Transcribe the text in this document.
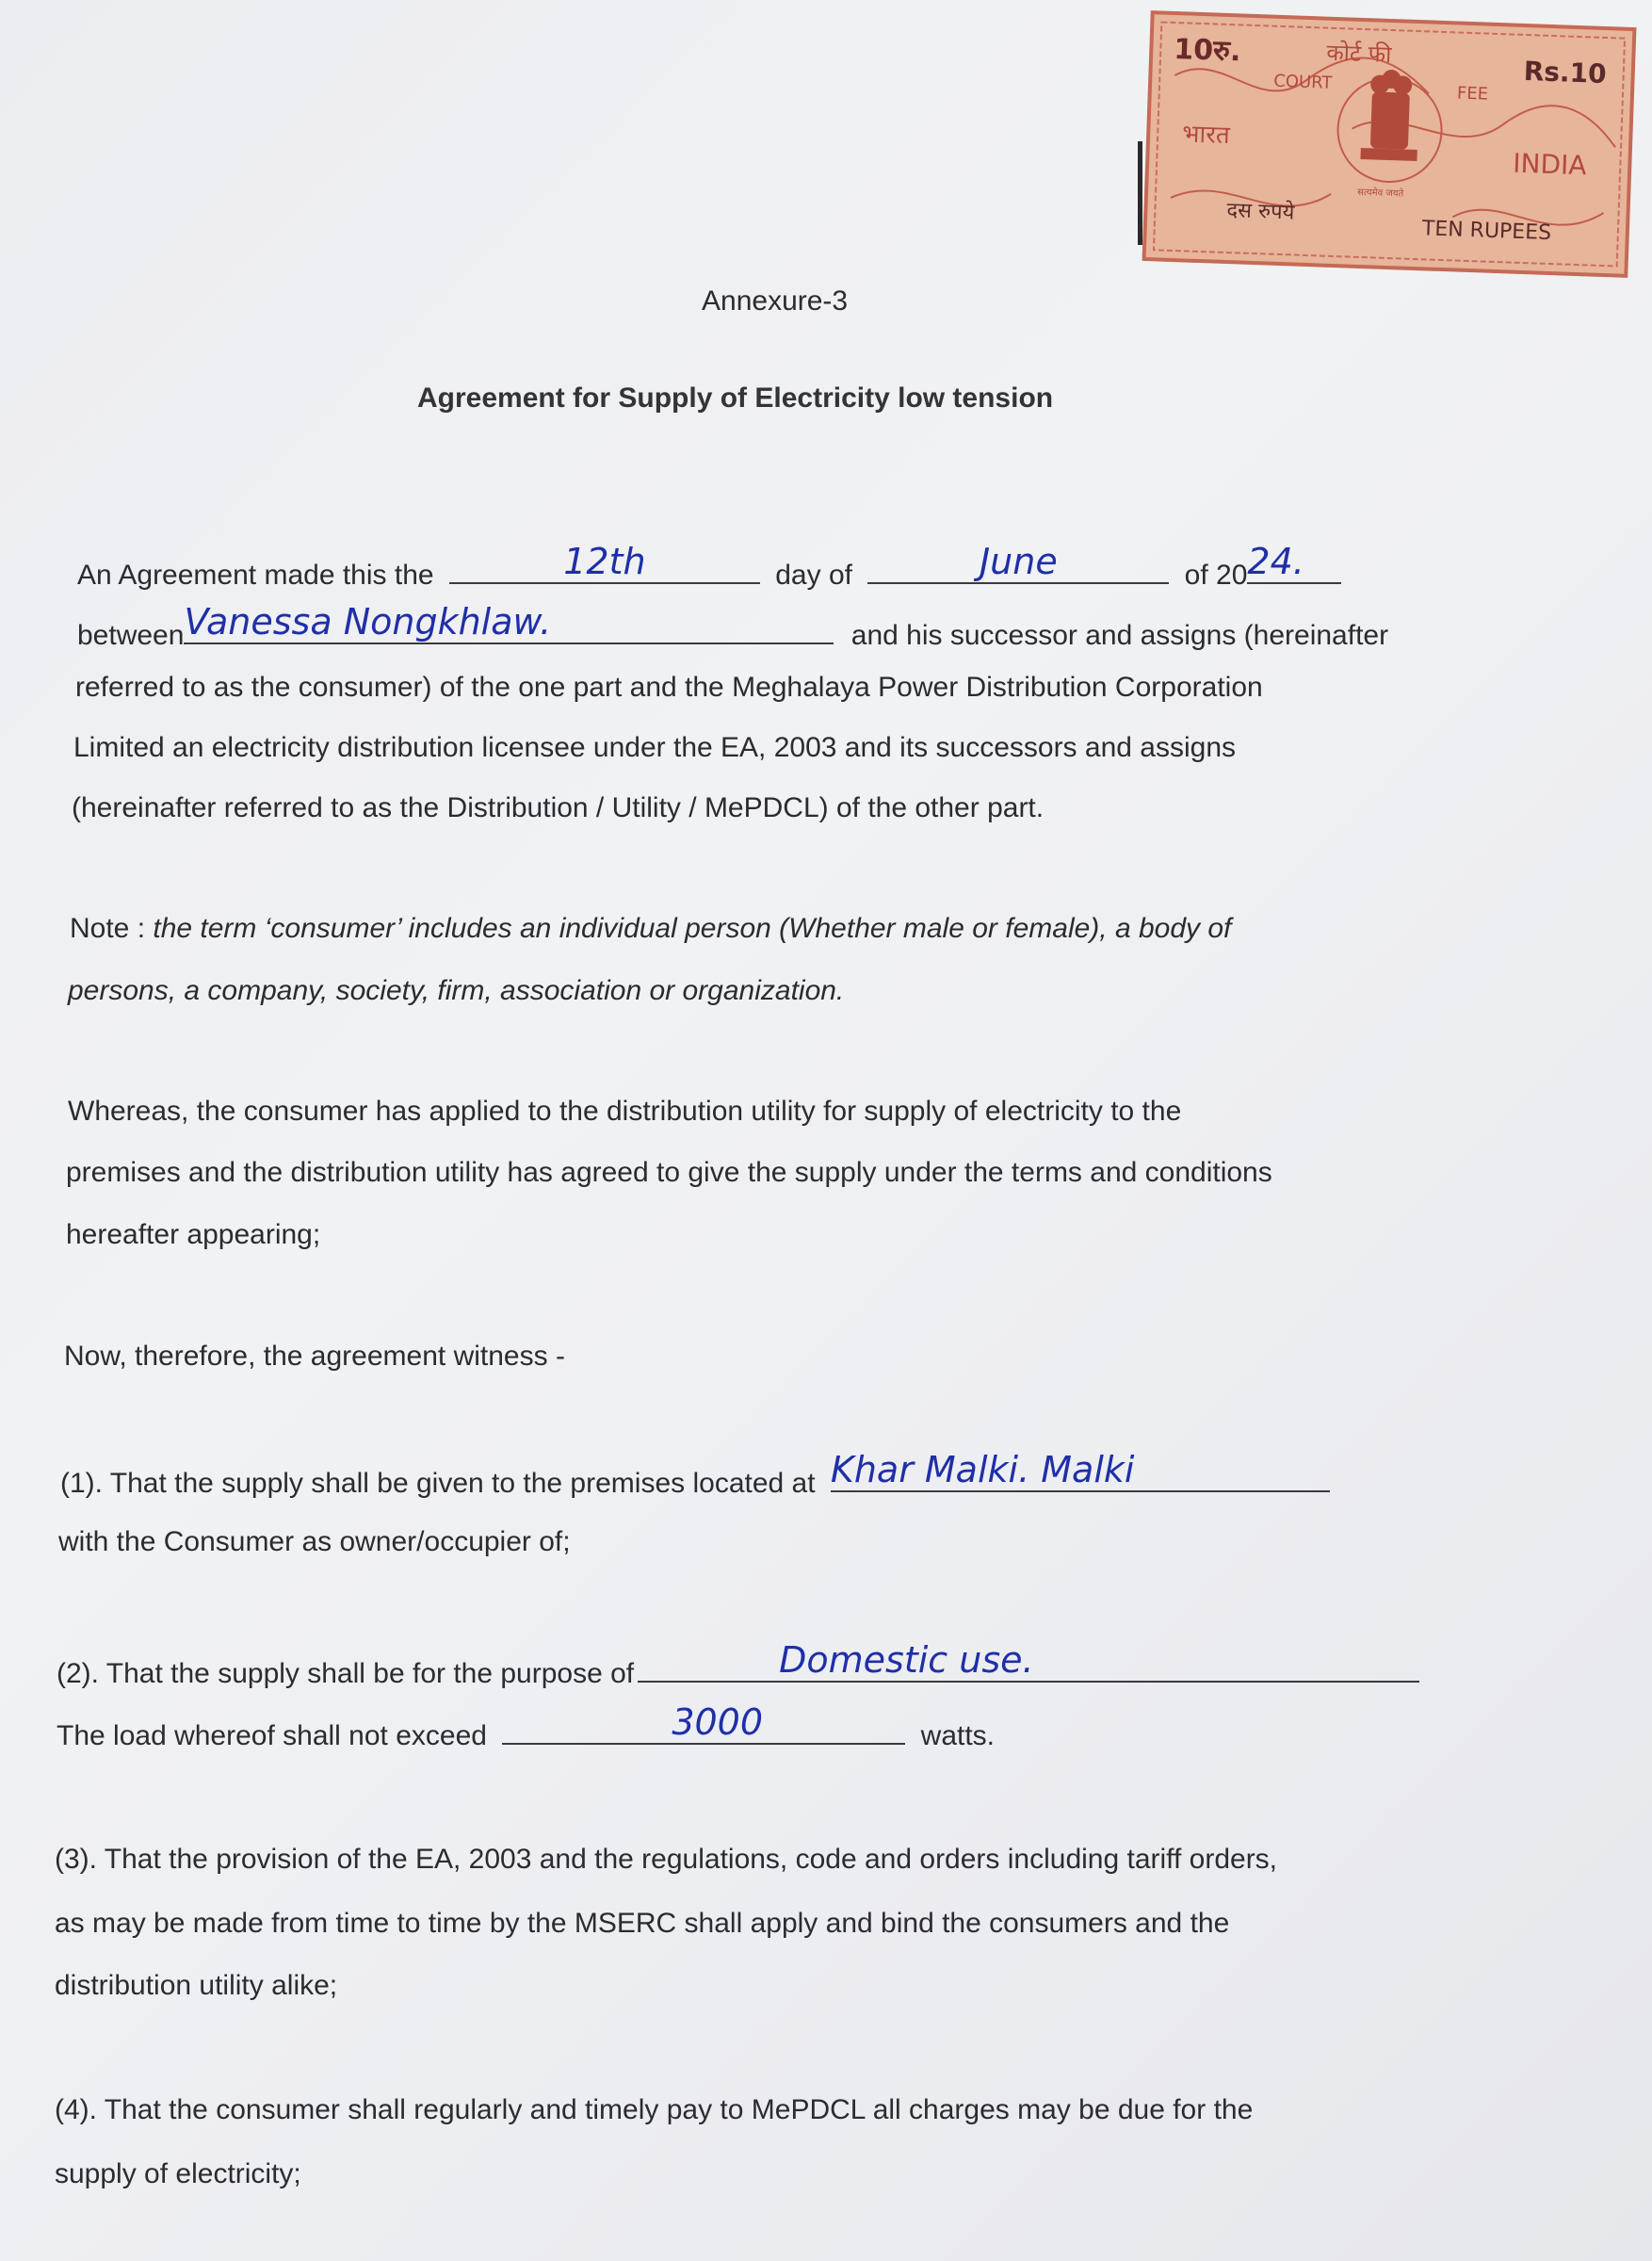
10रु.	कोर्ट फी
Rs.10
COURT
FEE
भारत
INDIA
सत्यमेव जयते
दस रुपये
TEN RUPEES
Annexure-3
Agreement for Supply of Electricity low tension
An Agreement made this the	12th	day of	June	of 20 24.
between Vanessa Nongkhlaw.	and his successor and assigns (hereinafter
referred to as the consumer) of the one part and the Meghalaya Power Distribution Corporation
Limited an electricity distribution licensee under the EA, 2003 and its successors and assigns
(hereinafter referred to as the Distribution / Utility / MePDCL) of the other part.
Note : the term ‘consumer’ includes an individual person (Whether male or female), a body of
persons, a company, society, firm, association or organization.
Whereas, the consumer has applied to the distribution utility for supply of electricity to the
premises and the distribution utility has agreed to give the supply under the terms and conditions
hereafter appearing;
Now, therefore, the agreement witness -
(1). That the supply shall be given to the premises located at Khar Malki. Malki
with the Consumer as owner/occupier of;
(2). That the supply shall be for the purpose of	Domestic use.
The load whereof shall not exceed	3000	watts.
(3). That the provision of the EA, 2003 and the regulations, code and orders including tariff orders,
as may be made from time to time by the MSERC shall apply and bind the consumers and the
distribution utility alike;
(4). That the consumer shall regularly and timely pay to MePDCL all charges may be due for the
supply of electricity;
